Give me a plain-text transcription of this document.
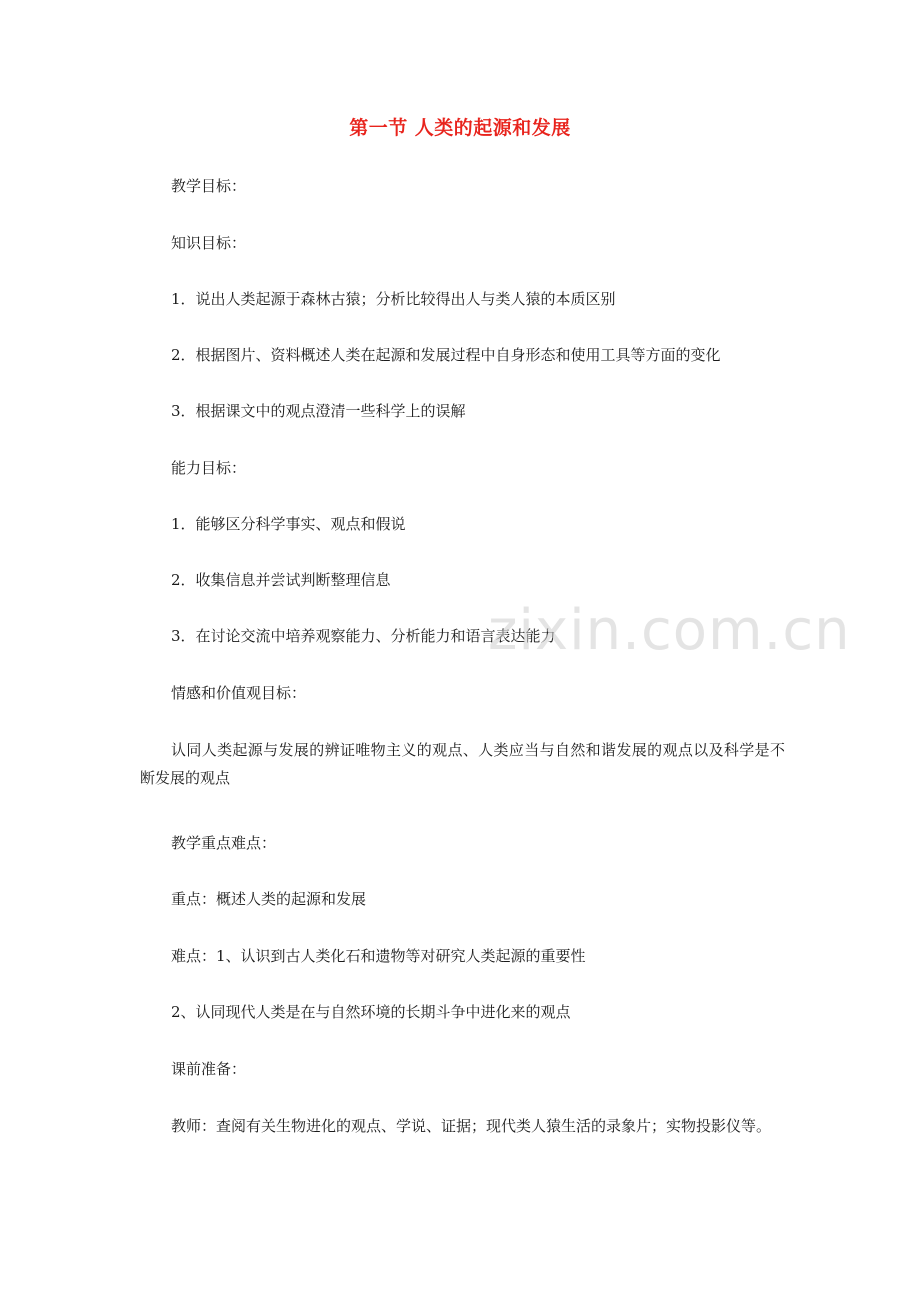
第一节 人类的起源和发展
教学目标：
知识目标：
1．说出人类起源于森林古猿；分析比较得出人与类人猿的本质区别
2．根据图片、资料概述人类在起源和发展过程中自身形态和使用工具等方面的变化
3．根据课文中的观点澄清一些科学上的误解
能力目标：
1．能够区分科学事实、观点和假说
2．收集信息并尝试判断整理信息
3．在讨论交流中培养观察能力、分析能力和语言表达能力
情感和价值观目标：
认同人类起源与发展的辨证唯物主义的观点、人类应当与自然和谐发展的观点以及科学是不断发展的观点
教学重点难点：
重点：概述人类的起源和发展
难点：1、认识到古人类化石和遗物等对研究人类起源的重要性
2、认同现代人类是在与自然环境的长期斗争中进化来的观点
课前准备：
教师：查阅有关生物进化的观点、学说、证据；现代类人猿生活的录象片；实物投影仪等。
zixin.com.cn
